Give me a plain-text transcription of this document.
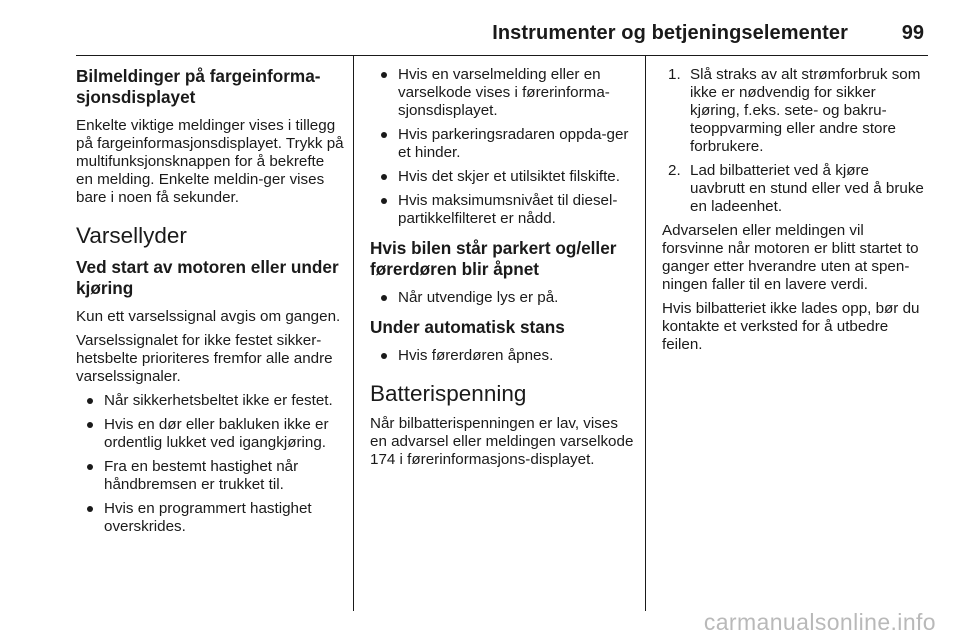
Instrumenter og betjeningselementer	99
Bilmeldinger på fargeinforma-sjonsdisplayet

Enkelte viktige meldinger vises i tillegg på fargeinformasjonsdisplayet. Trykk på multifunksjonsknappen for å bekrefte en melding. Enkelte meldin-ger vises bare i noen få sekunder.

Varsellyder
Ved start av motoren eller under kjøring

Kun ett varselssignal avgis om gangen.

Varselssignalet for ikke festet sikker-hetsbelte prioriteres fremfor alle andre varselssignaler.

Når sikkerhetsbeltet ikke er festet.
Hvis en dør eller bakluken ikke er ordentlig lukket ved igangkjøring.
Fra en bestemt hastighet når håndbremsen er trukket til.
Hvis en programmert hastighet overskrides.
Hvis en varselmelding eller en varselkode vises i førerinforma-sjonsdisplayet.
Hvis parkeringsradaren oppda-ger et hinder.
Hvis det skjer et utilsiktet filskifte.
Hvis maksimumsnivået til diesel-partikkelfilteret er nådd.
Hvis bilen står parkert og/eller førerdøren blir åpnet
Når utvendige lys er på.
Under automatisk stans
Hvis førerdøren åpnes.
Batterispenning

Når bilbatterispenningen er lav, vises en advarsel eller meldingen varselkode 174 i førerinformasjons-displayet.

1. Slå straks av alt strømforbruk som ikke er nødvendig for sikker kjøring, f.eks. sete- og bakru-teoppvarming eller andre store forbrukere.
2. Lad bilbatteriet ved å kjøre uavbrutt en stund eller ved å bruke en ladeenhet.

Advarselen eller meldingen vil forsvinne når motoren er blitt startet to ganger etter hverandre uten at spen-ningen faller til en lavere verdi.

Hvis bilbatteriet ikke lades opp, bør du kontakte et verksted for å utbedre feilen.

carmanualsonline.info
